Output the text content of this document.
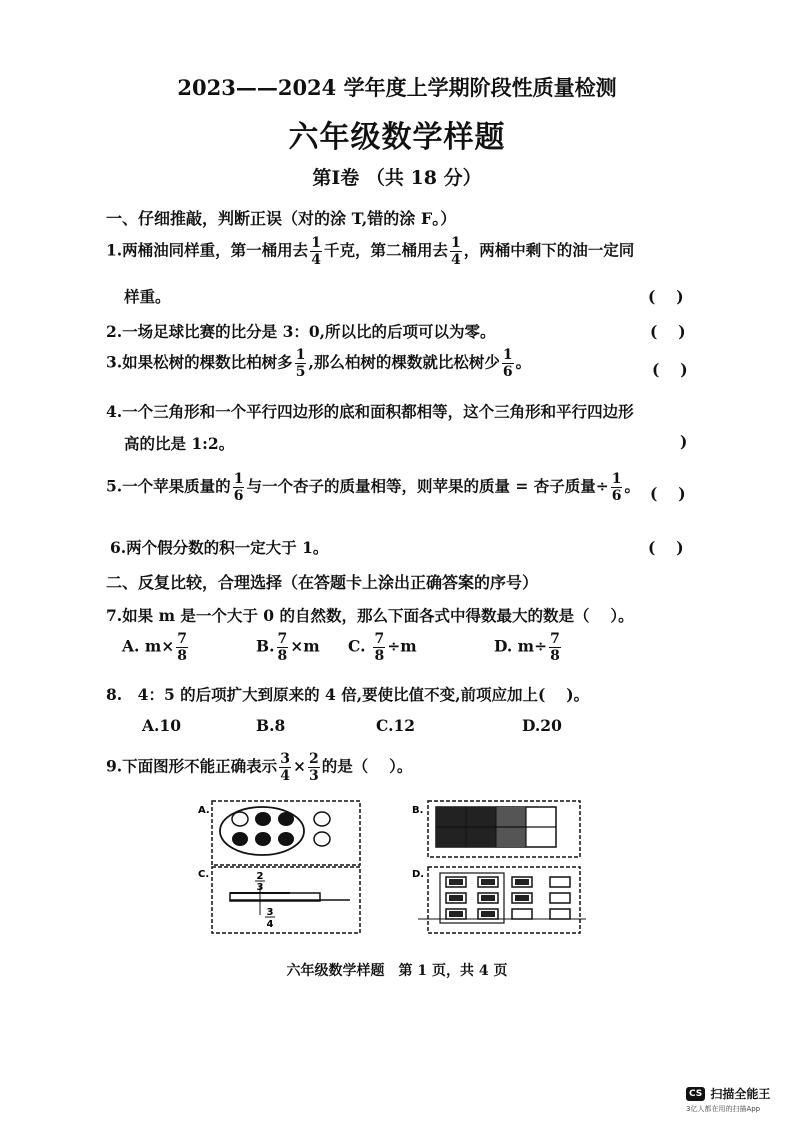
2023——2024 学年度上学期阶段性质量检测
六年级数学样题
第Ⅰ卷 （共 18 分）
一、仔细推敲，判断正误（对的涂 T,错的涂 F。）
1.两桶油同样重，第一桶用去 $\frac{1}{4}$ 千克，第二桶用去 $\frac{1}{4}$ ，两桶中剩下的油一定同
样重。	(　 )
2.一场足球比赛的比分是 3：0,所以比的后项可以为零。	(　 )
3.如果松树的棵数比柏树多 $\frac{1}{5}$ ,那么柏树的棵数就比松树少 $\frac{1}{6}$ 。	(　 )
4.一个三角形和一个平行四边形的底和面积都相等，这个三角形和平行四边形
高的比是 1:2。	)
5.一个苹果质量的 $\frac{1}{6}$ 与一个杏子的质量相等，则苹果的质量 = 杏子质量÷ $\frac{1}{6}$ 。 (　 )
6.两个假分数的积一定大于 1。	(　 )
二、反复比较，合理选择（在答题卡上涂出正确答案的序号）
7.如果 m 是一个大于 0 的自然数，那么下面各式中得数最大的数是（　 ）。
A. $m\times \frac{7}{8}$	B. $\frac{7}{8} \times m$ C. $\frac{7}{8} \div m$	D. $m\div \frac{7}{8}$
8.　4：5 的后项扩大到原来的 4 倍,要使比值不变,前项应加上(　 )。
A.10	B.8	C.12	D.20
9.下面图形不能正确表示 $\frac{3}{4} \times \frac{2}{3}$ 的是（　 ）。
A.	B.
C.	2
3
3
4
D.
六年级数学样题　第 1 页，共 4 页
CS 扫描全能王
3亿人都在用的扫描App
